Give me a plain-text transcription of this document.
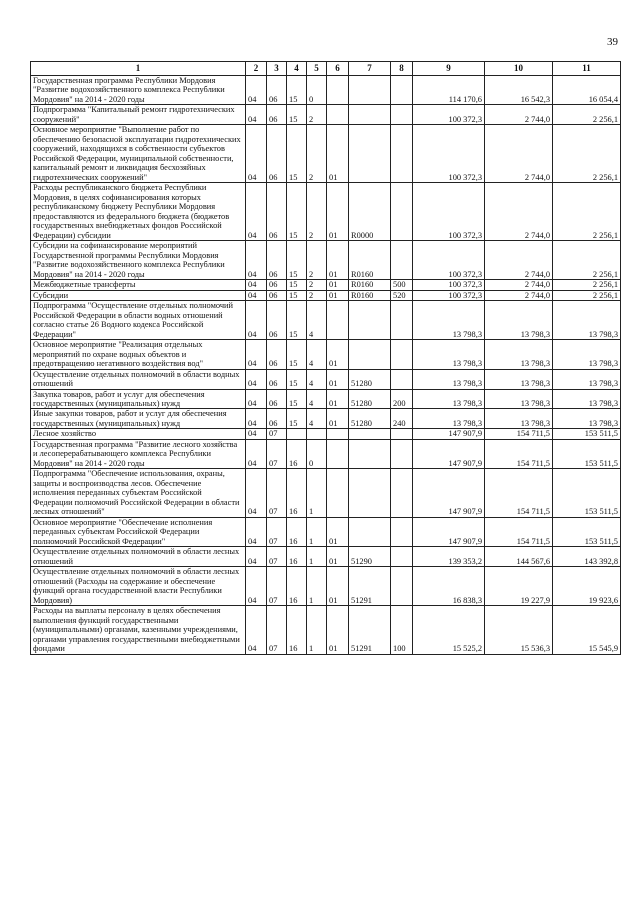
39
1	2	3	4	5	6	7	8	9	10	11
Государственная программа Республики Мордовия "Развитие водохозяйственного комплекса Республики Мордовия" на 2014 - 2020 годы	04	06	15	0				114 170,6	16 542,3	16 054,4
Подпрограмма "Капитальный ремонт гидротехнических сооружений"	04	06	15	2				100 372,3	2 744,0	2 256,1
Основное мероприятие "Выполнение работ по обеспечению безопасной эксплуатации гидротехнических сооружений, находящихся в собственности субъектов Российской Федерации, муниципальной собственности, капитальный ремонт и ликвидация бесхозяйных гидротехнических сооружений"	04	06	15	2	01			100 372,3	2 744,0	2 256,1
Расходы республиканского бюджета Республики Мордовия, в целях софинансирования которых республиканскому бюджету Республики Мордовия предоставляются из федерального бюджета (бюджетов государственных внебюджетных фондов Российской Федерации) субсидии	04	06	15	2	01	R0000		100 372,3	2 744,0	2 256,1
Субсидии на софинансирование мероприятий Государственной программы Республики Мордовия "Развитие водохозяйственного комплекса Республики Мордовия" на 2014 - 2020 годы	04	06	15	2	01	R0160		100 372,3	2 744,0	2 256,1
Межбюджетные трансферты	04	06	15	2	01	R0160	500	100 372,3	2 744,0	2 256,1
Субсидии	04	06	15	2	01	R0160	520	100 372,3	2 744,0	2 256,1
Подпрограмма "Осуществление отдельных полномочий Российской Федерации в области водных отношений согласно статье 26 Водного кодекса Российской Федерации"	04	06	15	4				13 798,3	13 798,3	13 798,3
Основное мероприятие "Реализация отдельных мероприятий по охране водных объектов и предотвращению негативного воздействия вод"	04	06	15	4	01			13 798,3	13 798,3	13 798,3
Осуществление отдельных полномочий в области водных отношений	04	06	15	4	01	51280		13 798,3	13 798,3	13 798,3
Закупка товаров, работ и услуг для обеспечения государственных (муниципальных) нужд	04	06	15	4	01	51280	200	13 798,3	13 798,3	13 798,3
Иные закупки товаров, работ и услуг для обеспечения государственных (муниципальных) нужд	04	06	15	4	01	51280	240	13 798,3	13 798,3	13 798,3
Лесное хозяйство	04	07						147 907,9	154 711,5	153 511,5
Государственная программа "Развитие лесного хозяйства и лесоперерабатывающего комплекса Республики Мордовия" на 2014 - 2020 годы	04	07	16	0				147 907,9	154 711,5	153 511,5
Подпрограмма "Обеспечение использования, охраны, защиты и воспроизводства лесов. Обеспечение исполнения переданных субъектам Российской Федерации полномочий Российской Федерации в области лесных отношений"	04	07	16	1				147 907,9	154 711,5	153 511,5
Основное мероприятие "Обеспечение исполнения переданных субъектам Российской Федерации полномочий Российской Федерации"	04	07	16	1	01			147 907,9	154 711,5	153 511,5
Осуществление отдельных полномочий в области лесных отношений	04	07	16	1	01	51290		139 353,2	144 567,6	143 392,8
Осуществление отдельных полномочий в области лесных отношений (Расходы на содержание и обеспечение функций органа государственной власти Республики Мордовия)	04	07	16	1	01	51291		16 838,3	19 227,9	19 923,6
Расходы на выплаты персоналу в целях обеспечения выполнения функций государственными (муниципальными) органами, казенными учреждениями, органами управления государственными внебюджетными фондами	04	07	16	1	01	51291	100	15 525,2	15 536,3	15 545,9
